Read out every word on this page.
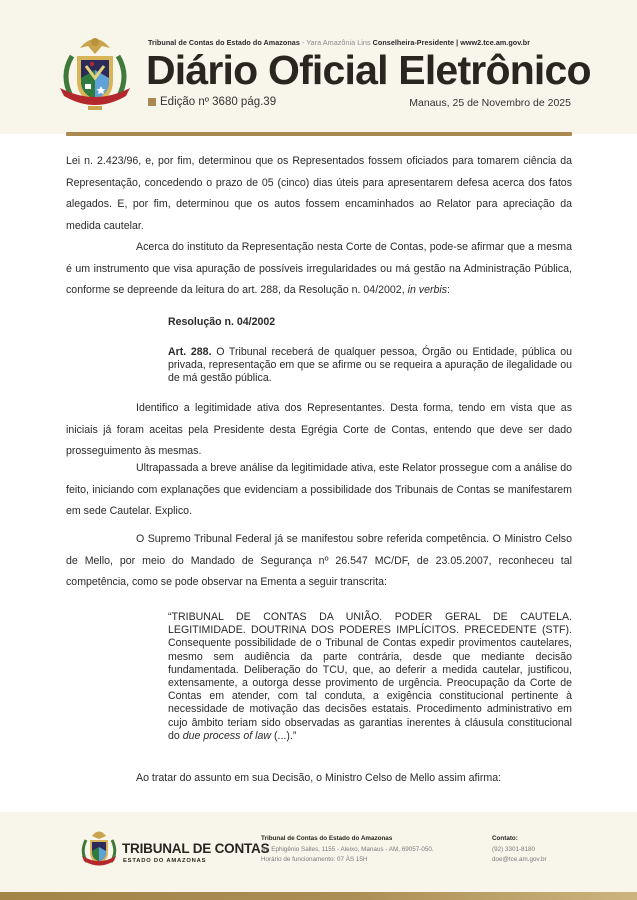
Tribunal de Contas do Estado do Amazonas - Yara Amazônia Lins Conselheira-Presidente | www2.tce.am.gov.br
Diário Oficial Eletrônico
Edição nº 3680 pág.39	Manaus, 25 de Novembro de 2025

Lei n. 2.423/96, e, por fim, determinou que os Representados fossem oficiados para tomarem ciência da Representação, concedendo o prazo de 05 (cinco) dias úteis para apresentarem defesa acerca dos fatos alegados. E, por fim, determinou que os autos fossem encaminhados ao Relator para apreciação da medida cautelar.

Acerca do instituto da Representação nesta Corte de Contas, pode-se afirmar que a mesma é um instrumento que visa apuração de possíveis irregularidades ou má gestão na Administração Pública, conforme se depreende da leitura do art. 288, da Resolução n. 04/2002, in verbis:

Resolução n. 04/2002
Art. 288. O Tribunal receberá de qualquer pessoa, Órgão ou Entidade, pública ou privada, representação em que se afirme ou se requeira a apuração de ilegalidade ou de má gestão pública.

Identifico a legitimidade ativa dos Representantes. Desta forma, tendo em vista que as iniciais já foram aceitas pela Presidente desta Egrégia Corte de Contas, entendo que deve ser dado prosseguimento às mesmas.

Ultrapassada a breve análise da legitimidade ativa, este Relator prossegue com a análise do feito, iniciando com explanações que evidenciam a possibilidade dos Tribunais de Contas se manifestarem em sede Cautelar. Explico.

O Supremo Tribunal Federal já se manifestou sobre referida competência. O Ministro Celso de Mello, por meio do Mandado de Segurança nº 26.547 MC/DF, de 23.05.2007, reconheceu tal competência, como se pode observar na Ementa a seguir transcrita:

“TRIBUNAL DE CONTAS DA UNIÃO. PODER GERAL DE CAUTELA. LEGITIMIDADE. DOUTRINA DOS PODERES IMPLÍCITOS. PRECEDENTE (STF). Consequente possibilidade de o Tribunal de Contas expedir provimentos cautelares, mesmo sem audiência da parte contrária, desde que mediante decisão fundamentada. Deliberação do TCU, que, ao deferir a medida cautelar, justificou, extensamente, a outorga desse provimento de urgência. Preocupação da Corte de Contas em atender, com tal conduta, a exigência constitucional pertinente à necessidade de motivação das decisões estatais. Procedimento administrativo em cujo âmbito teriam sido observadas as garantias inerentes à cláusula constitucional do due process of law (...).”

Ao tratar do assunto em sua Decisão, o Ministro Celso de Mello assim afirma:

TRIBUNAL DE CONTAS
ESTADO DO AMAZONAS
Tribunal de Contas do Estado do Amazonas
Av. Ephigênio Salles, 1155 - Aleixo, Manaus - AM, 69057-050.
Horário de funcionamento: 07 ÀS 15H
Contato:
(92) 3301-8180
doe@tce.am.gov.br
